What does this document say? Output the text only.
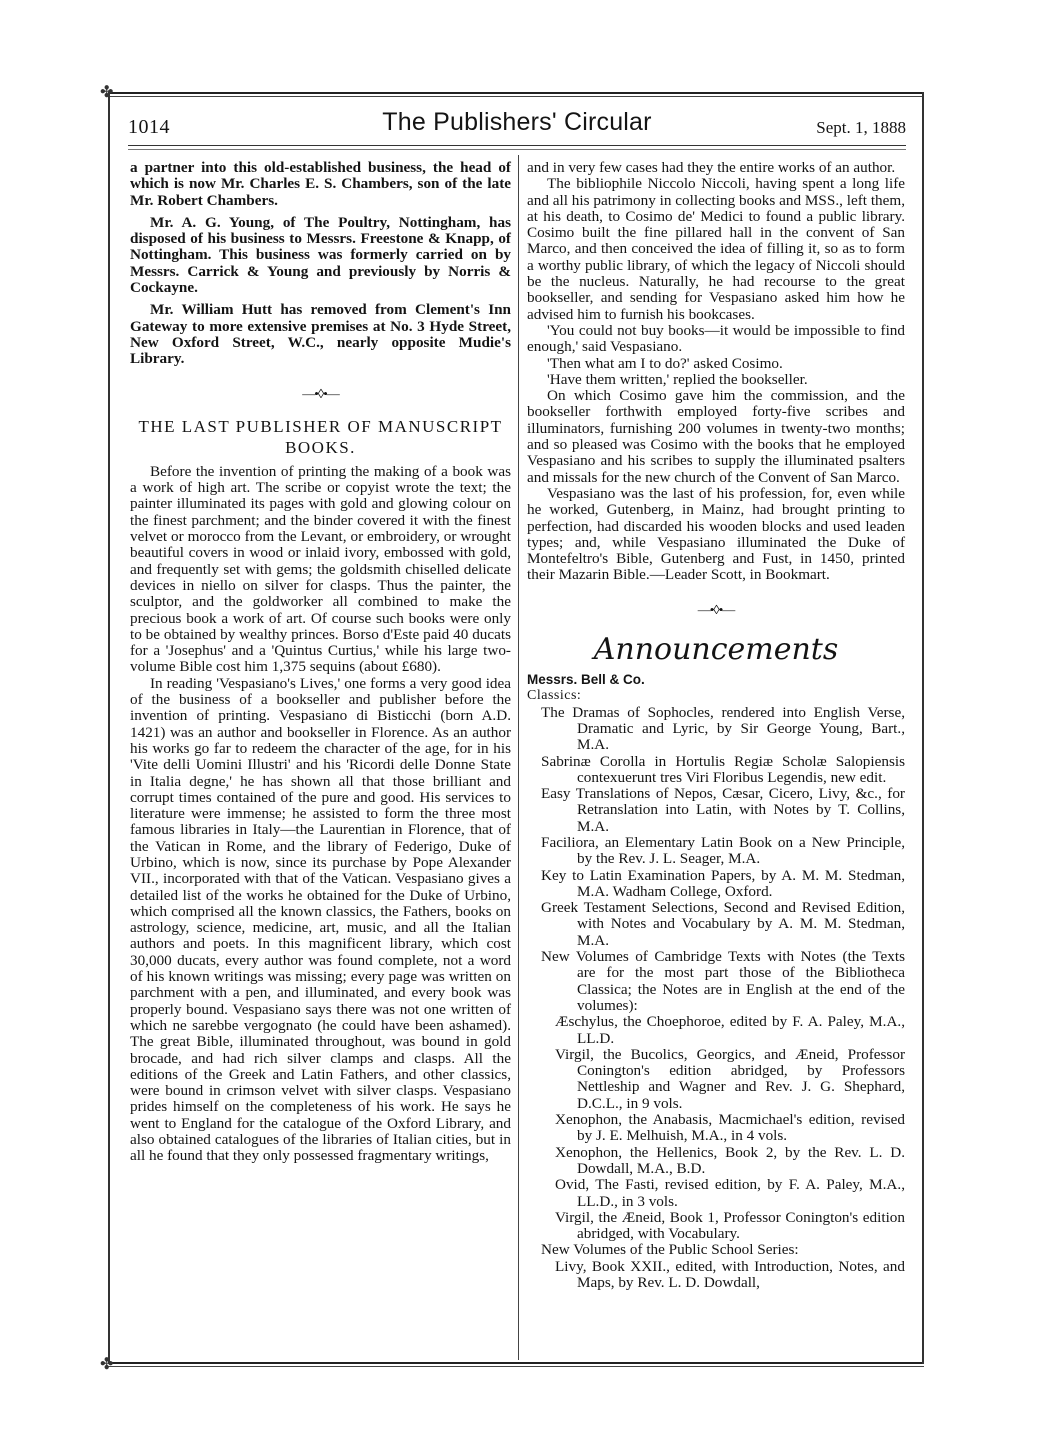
✤
✤
1014	The Publishers' Circular	Sept. 1, 1888

a partner into this old-established business, the head of which is now Mr. Charles E. S. Chambers, son of the late Mr. Robert Chambers.

Mr. A. G. Young, of The Poultry, Nottingham, has disposed of his business to Messrs. Freestone & Knapp, of Nottingham. This business was formerly carried on by Messrs. Carrick & Young and previously by Norris & Cockayne.

Mr. William Hutt has removed from Clement's Inn Gateway to more extensive premises at No. 3 Hyde Street, New Oxford Street, W.C., nearly opposite Mudie's Library.

—•◊•—
THE LAST PUBLISHER OF MANUSCRIPT BOOKS.

Before the invention of printing the making of a book was a work of high art. The scribe or copyist wrote the text; the painter illuminated its pages with gold and glowing colour on the finest parchment; and the binder covered it with the finest velvet or morocco from the Levant, or embroidery, or wrought beautiful covers in wood or inlaid ivory, embossed with gold, and frequently set with gems; the goldsmith chiselled delicate devices in niello on silver for clasps. Thus the painter, the sculptor, and the goldworker all combined to make the precious book a work of art. Of course such books were only to be obtained by wealthy princes. Borso d'Este paid 40 ducats for a 'Josephus' and a 'Quintus Curtius,' while his large two-volume Bible cost him 1,375 sequins (about £680).

In reading 'Vespasiano's Lives,' one forms a very good idea of the business of a bookseller and publisher before the invention of printing. Vespasiano di Bisticchi (born A.D. 1421) was an author and bookseller in Florence. As an author his works go far to redeem the character of the age, for in his 'Vite delli Uomini Illustri' and his 'Ricordi delle Donne State in Italia degne,' he has shown all that those brilliant and corrupt times contained of the pure and good. His services to literature were immense; he assisted to form the three most famous libraries in Italy—the Laurentian in Florence, that of the Vatican in Rome, and the library of Federigo, Duke of Urbino, which is now, since its purchase by Pope Alexander VII., incorporated with that of the Vatican. Vespasiano gives a detailed list of the works he obtained for the Duke of Urbino, which comprised all the known classics, the Fathers, books on astrology, science, medicine, art, music, and all the Italian authors and poets. In this magnificent library, which cost 30,000 ducats, every author was found complete, not a word of his known writings was missing; every page was written on parchment with a pen, and illuminated, and every book was properly bound. Vespasiano says there was not one written of which ne sarebbe vergognato (he could have been ashamed). The great Bible, illuminated throughout, was bound in gold brocade, and had rich silver clamps and clasps. All the editions of the Greek and Latin Fathers, and other classics, were bound in crimson velvet with silver clasps. Vespasiano prides himself on the completeness of his work. He says he went to England for the catalogue of the Oxford Library, and also obtained catalogues of the libraries of Italian cities, but in all he found that they only possessed fragmentary writings,

and in very few cases had they the entire works of an author.

The bibliophile Niccolo Niccoli, having spent a long life and all his patrimony in collecting books and MSS., left them, at his death, to Cosimo de' Medici to found a public library. Cosimo built the fine pillared hall in the convent of San Marco, and then conceived the idea of filling it, so as to form a worthy public library, of which the legacy of Niccoli should be the nucleus. Naturally, he had recourse to the great bookseller, and sending for Vespasiano asked him how he advised him to furnish his bookcases.

'You could not buy books—it would be impossible to find enough,' said Vespasiano.

'Then what am I to do?' asked Cosimo.

'Have them written,' replied the bookseller.

On which Cosimo gave him the commission, and the bookseller forthwith employed forty-five scribes and illuminators, furnishing 200 volumes in twenty-two months; and so pleased was Cosimo with the books that he employed Vespasiano and his scribes to supply the illuminated psalters and missals for the new church of the Convent of San Marco.

Vespasiano was the last of his profession, for, even while he worked, Gutenberg, in Mainz, had brought printing to perfection, had discarded his wooden blocks and used leaden types; and, while Vespasiano illuminated the Duke of Montefeltro's Bible, Gutenberg and Fust, in 1450, printed their Mazarin Bible.—Leader Scott, in Bookmart.

—•◊•—
Announcements
Messrs. Bell & Co.
Classics:
The Dramas of Sophocles, rendered into English Verse, Dramatic and Lyric, by Sir George Young, Bart., M.A.
Sabrinæ Corolla in Hortulis Regiæ Scholæ Salopiensis contexuerunt tres Viri Floribus Legendis, new edit.
Easy Translations of Nepos, Cæsar, Cicero, Livy, &c., for Retranslation into Latin, with Notes by T. Collins, M.A.
Faciliora, an Elementary Latin Book on a New Principle, by the Rev. J. L. Seager, M.A.
Key to Latin Examination Papers, by A. M. M. Stedman, M.A. Wadham College, Oxford.
Greek Testament Selections, Second and Revised Edition, with Notes and Vocabulary by A. M. M. Stedman, M.A.
New Volumes of Cambridge Texts with Notes (the Texts are for the most part those of the Bibliotheca Classica; the Notes are in English at the end of the volumes):
Æschylus, the Choephoroe, edited by F. A. Paley, M.A., LL.D.
Virgil, the Bucolics, Georgics, and Æneid, Professor Conington's edition abridged, by Professors Nettleship and Wagner and Rev. J. G. Shephard, D.C.L., in 9 vols.
Xenophon, the Anabasis, Macmichael's edition, revised by J. E. Melhuish, M.A., in 4 vols.
Xenophon, the Hellenics, Book 2, by the Rev. L. D. Dowdall, M.A., B.D.
Ovid, The Fasti, revised edition, by F. A. Paley, M.A., LL.D., in 3 vols.
Virgil, the Æneid, Book 1, Professor Conington's edition abridged, with Vocabulary.
New Volumes of the Public School Series:
Livy, Book XXII., edited, with Introduction, Notes, and Maps, by Rev. L. D. Dowdall,
